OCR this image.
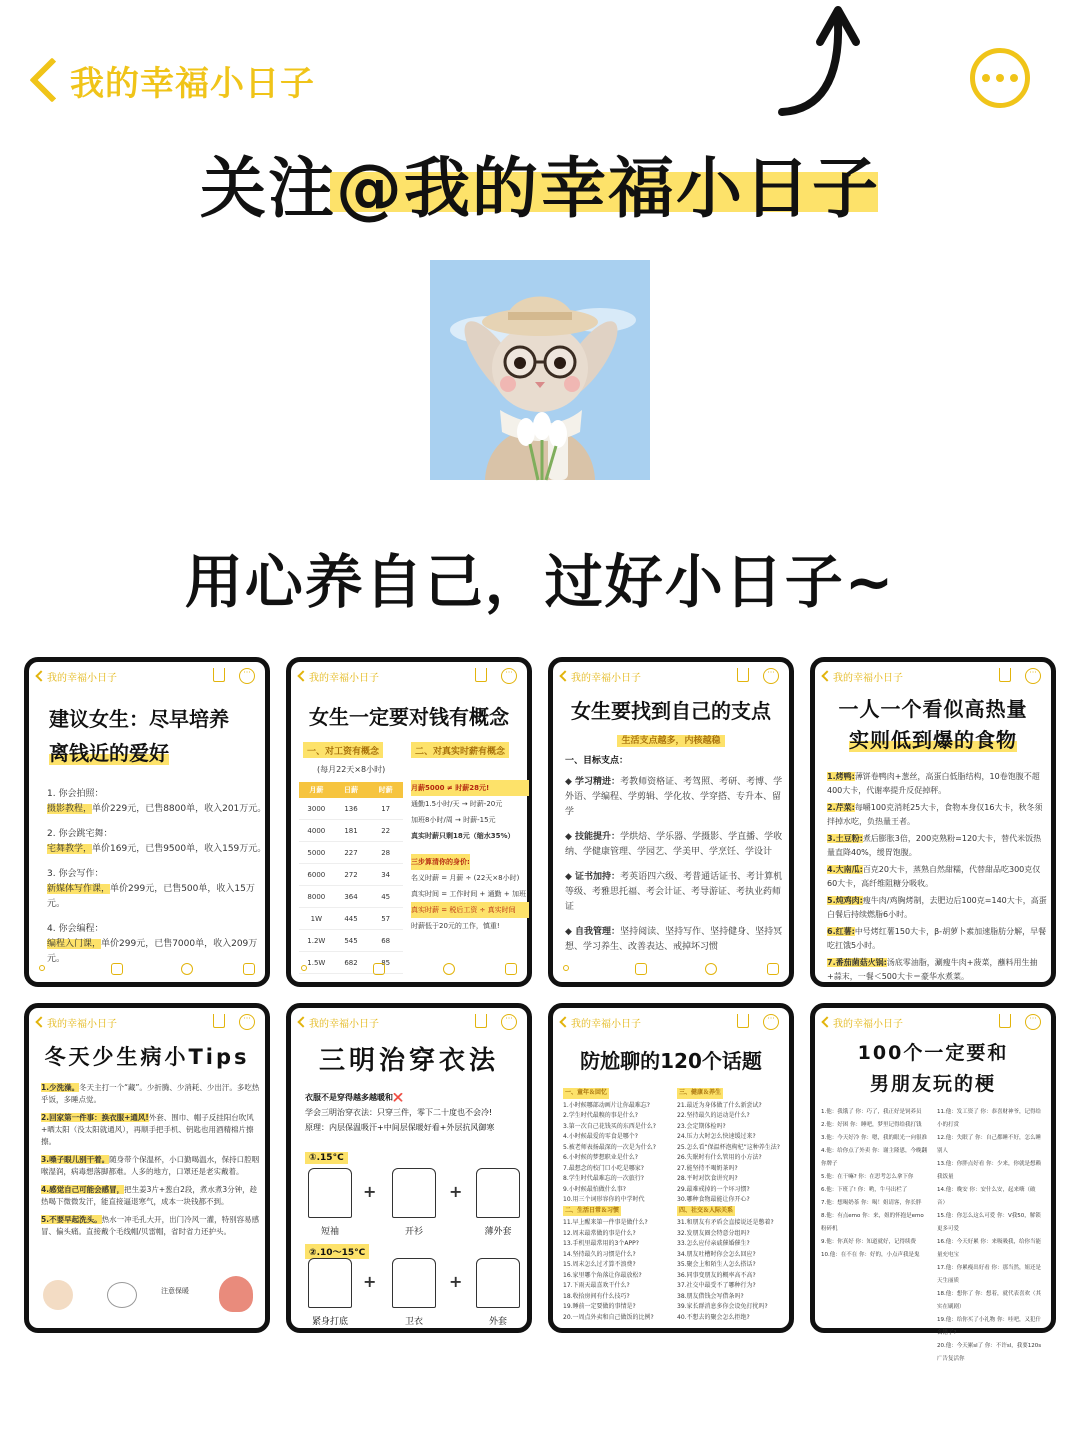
我的幸福小日子
关注@我的幸福小日子
用心养自己，过好小日子~
我的幸福小日子
···
建议女生：尽早培养
离钱近的爱好

1. 你会拍照：
摄影教程，单价229元，已售8800单，收入201万元。

2. 你会跳宅舞：
宅舞教学，单价169元，已售9500单，收入159万元。

3. 你会写作：
新媒体写作课，单价299元，已售500单，收入15万元。

4. 你会编程：
编程入门课，单价299元，已售7000单，收入209万元。

我的幸福小日子
···
女生一定要对钱有概念
一、对工资有概念
(每月22天×8小时)
二、对真实时薪有概念
月薪	日薪	时薪
3000	136	17
4000	181	22
5000	227	28
6000	272	34
8000	364	45
1W	445	57
1.2W	545	68
1.5W	682	85
月薪5000 ≠ 时薪28元!
通勤1.5小时/天 → 时薪-20元
加班8小时/周 → 时薪-15元
真实时薪只剩18元（缩水35%）
三步算清你的身价:
名义时薪 = 月薪 ÷ (22天×8小时)
真实时间 = 工作时间 + 通勤 + 加班
真实时薪 = 税后工资 ÷ 真实时间
时薪低于20元的工作，慎重!
我的幸福小日子
···
女生要找到自己的支点
生活支点越多，内核越稳
一、目标支点：

◆ 学习精进：考教师资格证、考驾照、考研、考博、学外语、学编程、学剪辑、学化妆、学穿搭、专升本、留学

◆ 技能提升：学烘焙、学乐器、学摄影、学直播、学收纳、学健康管理、学园艺、学美甲、学烹饪、学设计

◆ 证书加持：考英语四六级、考普通话证书、考计算机等级、考雅思托福、考会计证、考导游证、考执业药师证

◆ 自我管理：坚持阅读、坚持写作、坚持健身、坚持冥想、学习养生、改善表达、戒掉坏习惯

我的幸福小日子
···
一人一个看似高热量
实则低到爆的食物

1.烤鸭:薄饼卷鸭肉+葱丝，高蛋白低脂结构，10卷饱腹不超400大卡，代谢率提升反促掉秤。

2.芹菜:每嚼100克消耗25大卡，食物本身仅16大卡，秋冬须拌掉水吃，负热量王者。

3.土豆粉:煮后膨胀3倍，200克熟粉=120大卡，替代米饭热量直降40%，缓胃饱腹。

4.大南瓜:百克20大卡，蒸熟自然甜糯，代替甜品吃300克仅60大卡，高纤维阻糖分吸收。

5.炖鸡肉:瘦牛肉/鸡胸烤制，去肥边后100克=140大卡，高蛋白餐后持续燃脂6小时。

6.红薯:中号烤红薯150大卡，β-胡萝卜素加速脂肪分解，早餐吃扛饿5小时。

7.番茄菌菇火锅:汤底零油脂，涮瘦牛肉+菠菜，蘸料用生抽+蒜末，一餐＜500大卡＝豪华水煮菜。

我的幸福小日子
···
冬天少生病小Tips

1.少洗澡。冬天主打一个“藏”。少折腾、少消耗、少出汗。多吃热乎饭，多睡点觉。

2.回家第一件事：换衣服+通风!外套、围巾、帽子反挂阳台吹风+晒太阳（没太阳就通风），再顺手把手机、钥匙也用酒精棉片擦擦。

3.嗓子眼儿别干着。随身带个保温杯，小口勤喝温水，保持口腔咽喉湿润，病毒想落脚都难。人多的地方，口罩还是老实戴着。

4.感觉自己可能会感冒，把生姜3片+葱白2段，煮水煮3分钟，趁热喝下微微发汗，能直接逼退寒气，成本一块钱都不到。

5.不要早起洗头。热水一冲毛孔大开，出门冷风一灌，特别容易感冒、偏头痛。直接戴个毛线帽/贝雷帽，省时省力还护头。

注意保暖
我的幸福小日子
···
三明治穿衣法
衣服不是穿得越多越暖和❌
学会三明治穿衣法：只穿三件，零下二十度也不会冷!
原理：内层保温吸汗+中间层保暖好看+外层抗风御寒
①.15°C
短袖
+
开衫
+
薄外套
②.10～15°C
紧身打底
+
卫衣
+
外套
我的幸福小日子
···
防尬聊的120个话题
一、童年＆回忆
1.小时候哪部动画片让你最难忘?
2.学生时代最糗的事是什么?
3.第一次自己花钱买的东西是什么?
4.小时候最爱的零食是哪个?
5.被老师表扬最深的一次是为什么?
6.小时候的梦想职业是什么?
7.最想念的校门口小吃是哪家?
8.学生时代最难忘的一次旅行?
9.小时候最怕做什么事?
10.用三个词形容你的中学时代
二、生活日常＆习惯
11.早上醒来第一件事是做什么?
12.周末最常做的事是什么?
13.手机里最常用的3个APP?
14.坚持最久的习惯是什么?
15.周末怎么过才算不浪费?
16.家里哪个角落让你最放松?
17.下雨天最喜欢干什么?
18.收拾房间有什么技巧?
19.睡前一定要做的事情是?
20.一周点外卖和自己做饭的比例?
三、健康＆养生
21.最近为身体做了什么新尝试?
22.坚持最久的运动是什么?
23.会定期体检吗?
24.压力大时怎么快速缓过来?
25.怎么看“保温杯泡枸杞”这种养生法?
26.失眠时有什么管用的小方法?
27.能坚持不喝奶茶吗?
28.平时对饮食讲究吗?
29.最难戒掉的一个坏习惯?
30.哪种食物最能让你开心?
四、社交＆人际关系
31.和朋友有矛盾会直接说还是憋着?
32.发朋友圈会特意分组吗?
33.怎么应付亲戚催婚催生?
34.朋友吐槽时你会怎么回应?
35.聚会上和陌生人怎么搭话?
36.同事变朋友的概率高不高?
37.社交中最受不了哪种行为?
38.朋友借钱会写借条吗?
39.家长群消息多你会设免打扰吗?
40.不想去的聚会怎么拒绝?
我的幸福小日子
···
100个一定要和
男朋友玩的梗
1.他：我饿了 你：巧了，我正好是饲养员
2.他：好困 你：睡吧，梦里记得给我打钱
3.他：今天好冷 你：嗯，我的眼光一向很准
4.他：给你点了外卖 你：谢主隆恩，今晚翻你牌子
5.他：在干嘛? 你：在思考怎么拿下你
6.他：下班了! 你：哟，牛马出栏了
7.他：想喝奶茶 你：喝！姐请客，你长胖
8.他：有点emo 你：来，姐的怀抱是emo粉碎机
9.他：你真好 你：知道就好，记得续费
10.他：在不在 你：好的，小点声我是鬼
11.他：发工资了 你：恭喜财神爷，记得给小的打赏
12.他：失眠了 你：自己都睡不好，怎么睡别人
13.他：你胖点好看 你：少来，你就是想赖我饭量
14.他：晚安 你：安什么安，起来嗨（破音）
15.他：你怎么这么可爱 你：V我50，解锁更多可爱
16.他：今天好累 你：来吸吸我，给你当能量充电宝
17.他：你累瘦出好看 你：那当然，姐还是天生丽质
18.他：想你了 你：想着，就代表喜欢（其实在刷剧）
19.他：给你买了小礼物 你：哇吧，又犯什么错了?
20.他：今天累sl了 你：不许sl，我要120s广告复活你
